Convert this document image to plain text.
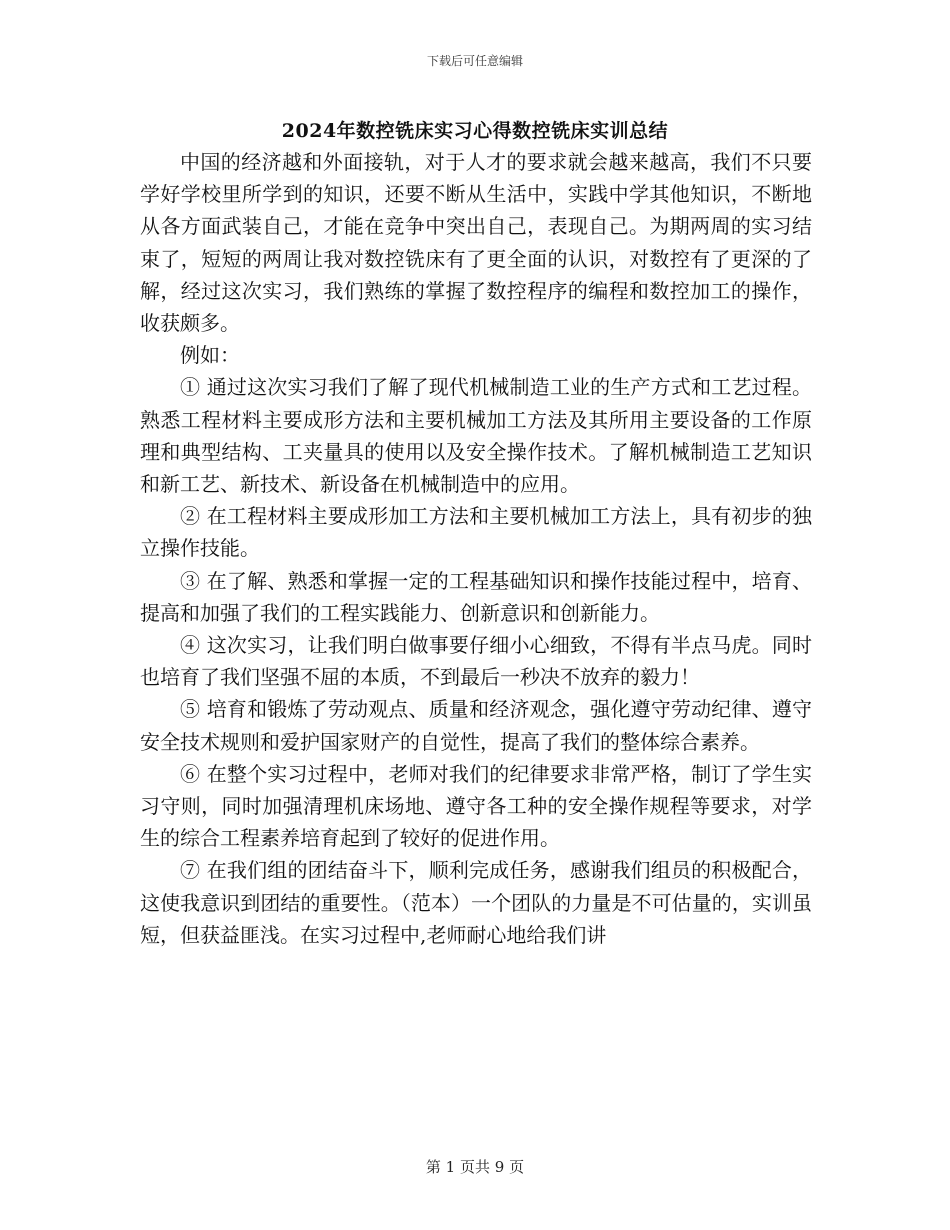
下载后可任意编辑
2024年数控铣床实习心得数控铣床实训总结

中国的经济越和外面接轨，对于人才的要求就会越来越高，我们不只要学好学校里所学到的知识，还要不断从生活中，实践中学其他知识，不断地从各方面武装自己，才能在竞争中突出自己，表现自己。为期两周的实习结束了，短短的两周让我对数控铣床有了更全面的认识，对数控有了更深的了解，经过这次实习，我们熟练的掌握了数控程序的编程和数控加工的操作，收获颇多。

例如：

① 通过这次实习我们了解了现代机械制造工业的生产方式和工艺过程。熟悉工程材料主要成形方法和主要机械加工方法及其所用主要设备的工作原理和典型结构、工夹量具的使用以及安全操作技术。了解机械制造工艺知识和新工艺、新技术、新设备在机械制造中的应用。

② 在工程材料主要成形加工方法和主要机械加工方法上，具有初步的独立操作技能。

③ 在了解、熟悉和掌握一定的工程基础知识和操作技能过程中，培育、提高和加强了我们的工程实践能力、创新意识和创新能力。

④ 这次实习，让我们明白做事要仔细小心细致，不得有半点马虎。同时也培育了我们坚强不屈的本质，不到最后一秒决不放弃的毅力！

⑤ 培育和锻炼了劳动观点、质量和经济观念，强化遵守劳动纪律、遵守安全技术规则和爱护国家财产的自觉性，提高了我们的整体综合素养。

⑥ 在整个实习过程中，老师对我们的纪律要求非常严格，制订了学生实习守则，同时加强清理机床场地、遵守各工种的安全操作规程等要求，对学生的综合工程素养培育起到了较好的促进作用。

⑦ 在我们组的团结奋斗下，顺利完成任务，感谢我们组员的积极配合，这使我意识到团结的重要性。（范本）一个团队的力量是不可估量的，实训虽短，但获益匪浅。在实习过程中,老师耐心地给我们讲

第 1 页共 9 页
